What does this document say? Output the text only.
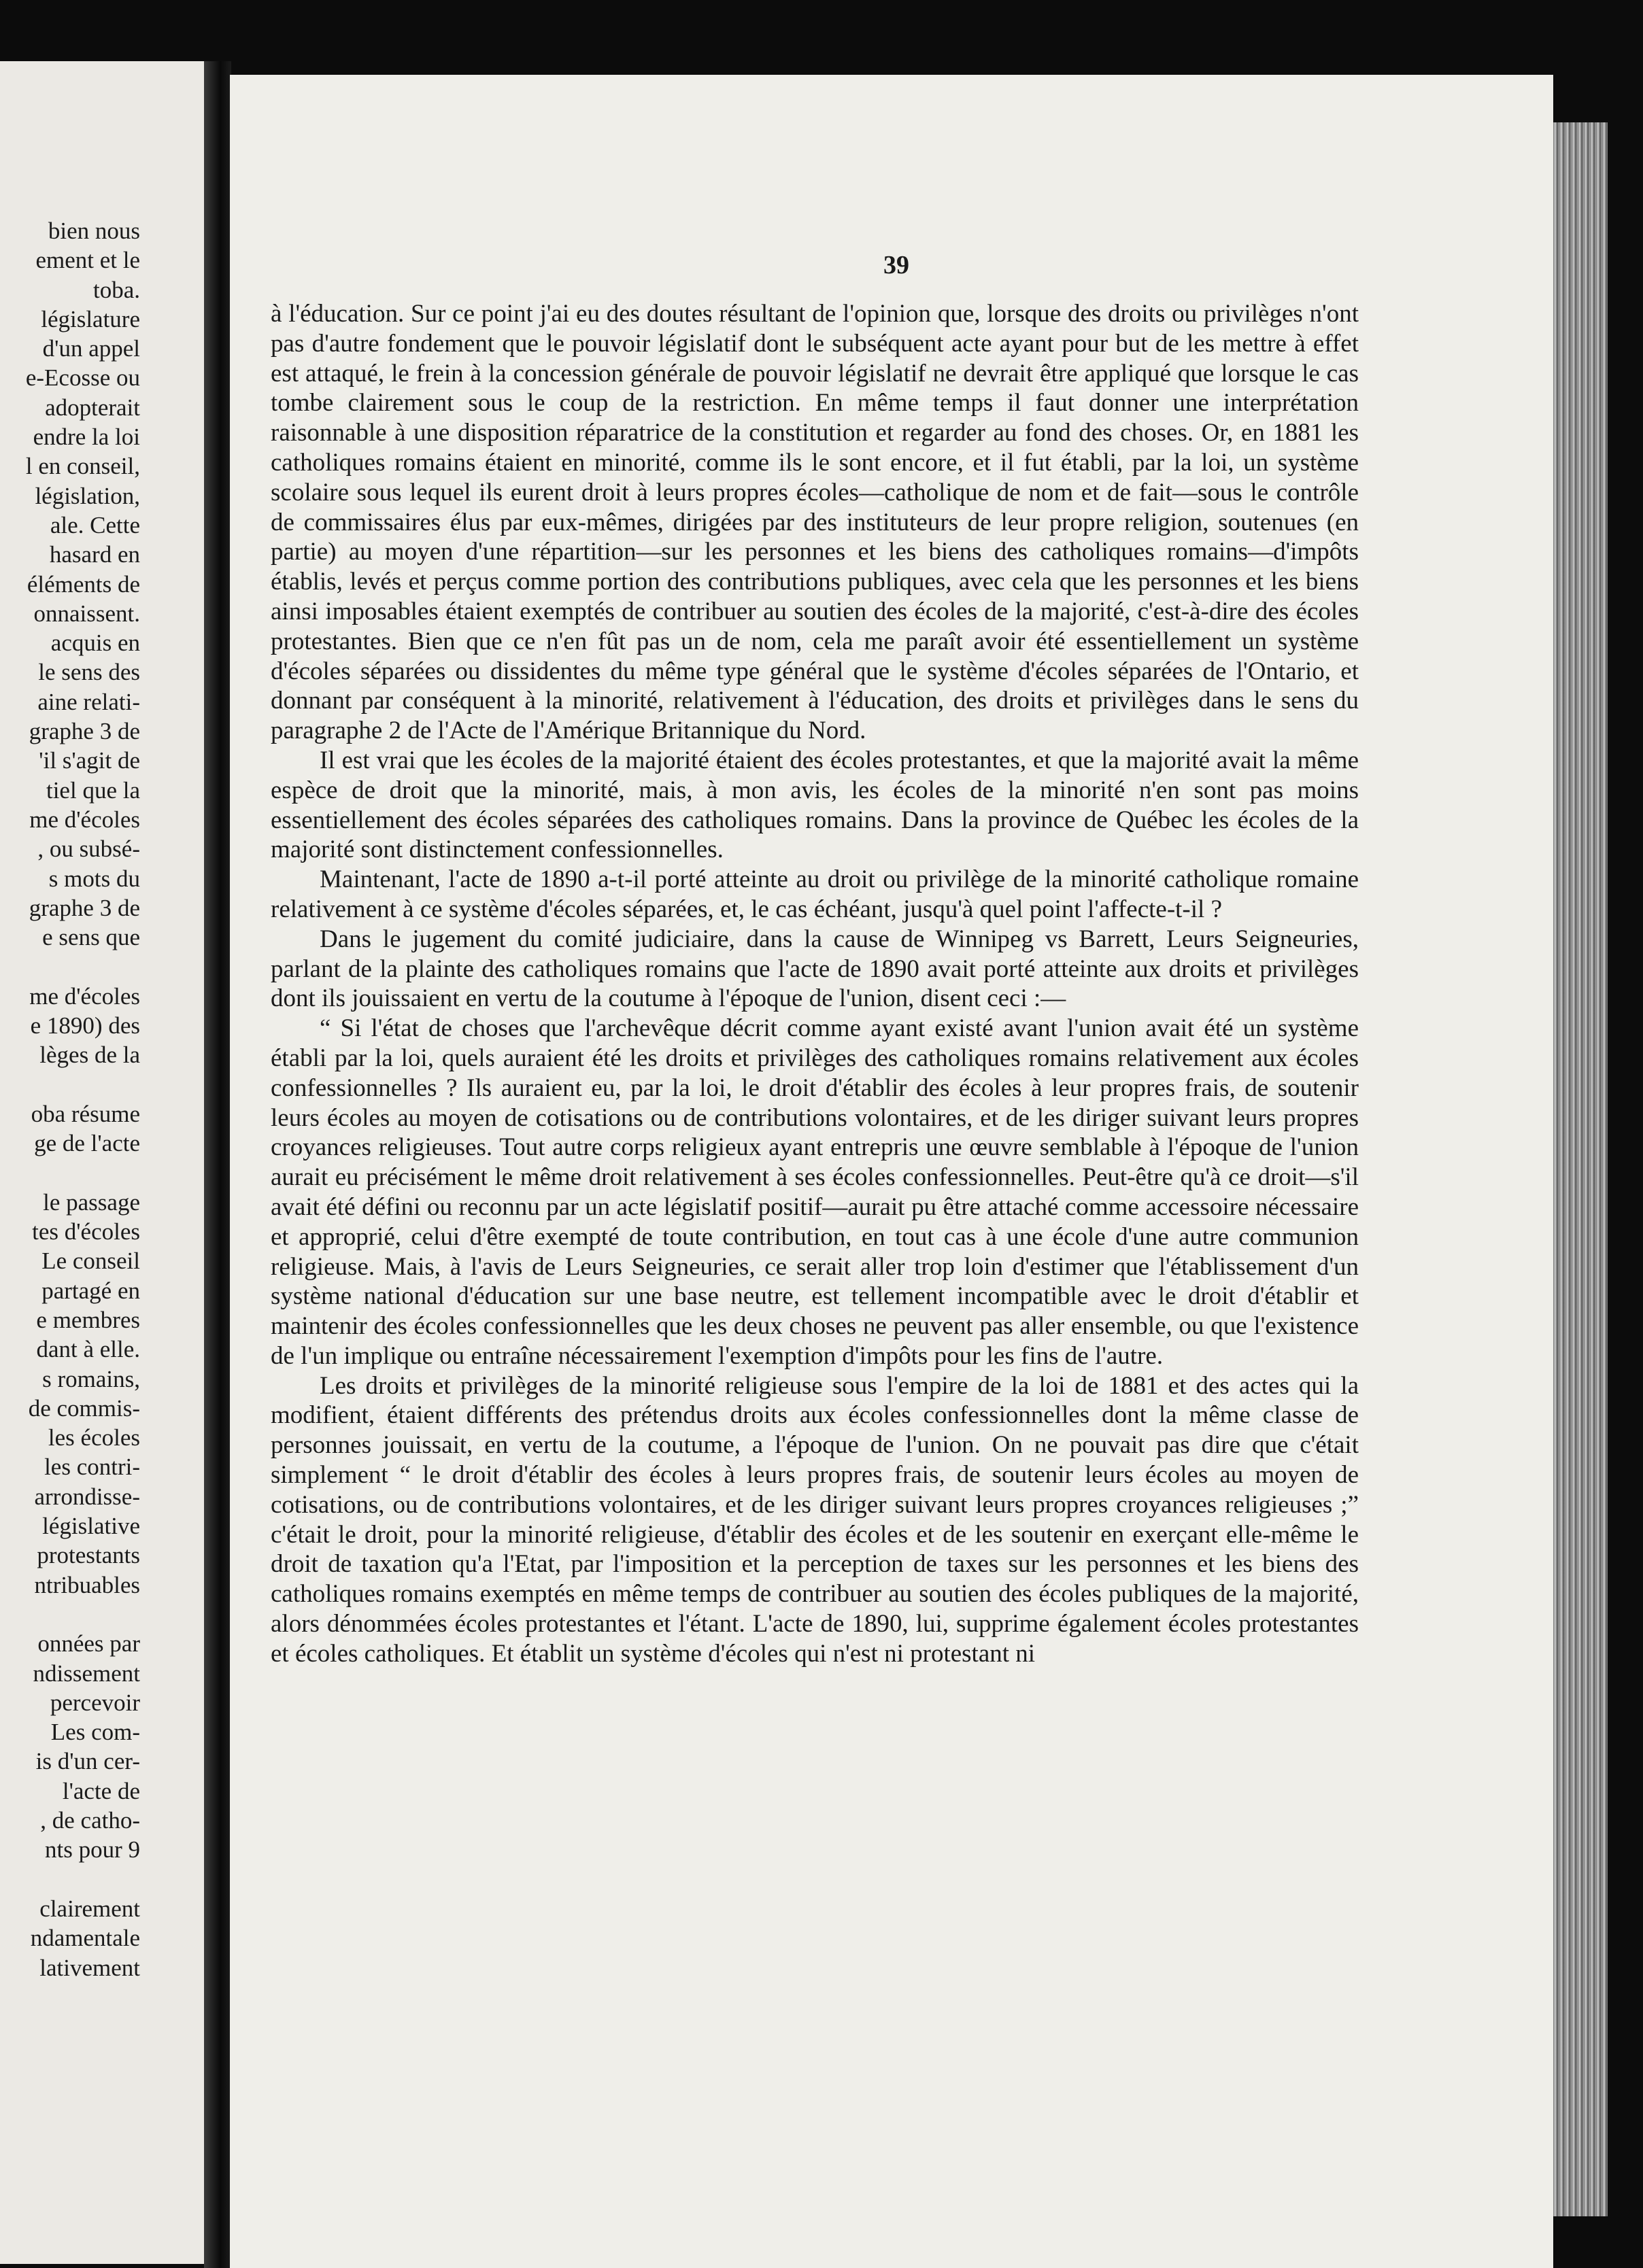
bien nous
ement et le
toba.
législature
d'un appel
e-Ecosse ou
adopterait
endre la loi
l en conseil,
législation,
ale. Cette
hasard en
éléments de
onnaissent.
acquis en
le sens des
aine relati-
graphe 3 de
'il s'agit de
tiel que la
me d'écoles
, ou subsé-
s mots du
graphe 3 de
e sens que

me d'écoles
e 1890) des
lèges de la

oba résume
ge de l'acte

le passage
tes d'écoles
Le conseil
partagé en
e membres
dant à elle.
s romains,
de commis-
les écoles
les contri-
arrondisse-
législative
protestants
ntribuables

onnées par
ndissement
percevoir
Les com-
is d'un cer-
l'acte de
, de catho-
nts pour 9

clairement
ndamentale
lativement
39
à l'éducation. Sur ce point j'ai eu des doutes résultant de l'opinion que, lorsque des droits ou privilèges n'ont pas d'autre fondement que le pouvoir législatif dont le subséquent acte ayant pour but de les mettre à effet est attaqué, le frein à la concession générale de pouvoir législatif ne devrait être appliqué que lorsque le cas tombe clairement sous le coup de la restriction. En même temps il faut donner une interprétation raisonnable à une disposition réparatrice de la constitution et regarder au fond des choses. Or, en 1881 les catholiques romains étaient en minorité, comme ils le sont encore, et il fut établi, par la loi, un système scolaire sous lequel ils eurent droit à leurs propres écoles—catholique de nom et de fait—sous le contrôle de commissaires élus par eux-mêmes, dirigées par des instituteurs de leur propre religion, soutenues (en partie) au moyen d'une répartition—sur les personnes et les biens des catholiques romains—d'impôts établis, levés et perçus comme portion des contributions publiques, avec cela que les personnes et les biens ainsi imposables étaient exemptés de contribuer au soutien des écoles de la majorité, c'est-à-dire des écoles protestantes. Bien que ce n'en fût pas un de nom, cela me paraît avoir été essentiellement un système d'écoles séparées ou dissidentes du même type général que le système d'écoles séparées de l'Ontario, et donnant par conséquent à la minorité, relativement à l'éducation, des droits et privilèges dans le sens du paragraphe 2 de l'Acte de l'Amérique Britannique du Nord.
Il est vrai que les écoles de la majorité étaient des écoles protestantes, et que la majorité avait la même espèce de droit que la minorité, mais, à mon avis, les écoles de la minorité n'en sont pas moins essentiellement des écoles séparées des catholiques romains. Dans la province de Québec les écoles de la majorité sont distinctement confessionnelles.
Maintenant, l'acte de 1890 a-t-il porté atteinte au droit ou privilège de la minorité catholique romaine relativement à ce système d'écoles séparées, et, le cas échéant, jusqu'à quel point l'affecte-t-il ?
Dans le jugement du comité judiciaire, dans la cause de Winnipeg vs Barrett, Leurs Seigneuries, parlant de la plainte des catholiques romains que l'acte de 1890 avait porté atteinte aux droits et privilèges dont ils jouissaient en vertu de la coutume à l'époque de l'union, disent ceci :—
“ Si l'état de choses que l'archevêque décrit comme ayant existé avant l'union avait été un système établi par la loi, quels auraient été les droits et privilèges des catholiques romains relativement aux écoles confessionnelles ? Ils auraient eu, par la loi, le droit d'établir des écoles à leur propres frais, de soutenir leurs écoles au moyen de cotisations ou de contributions volontaires, et de les diriger suivant leurs propres croyances religieuses. Tout autre corps religieux ayant entrepris une œuvre semblable à l'époque de l'union aurait eu précisément le même droit relativement à ses écoles confessionnelles. Peut-être qu'à ce droit—s'il avait été défini ou reconnu par un acte législatif positif—aurait pu être attaché comme accessoire nécessaire et approprié, celui d'être exempté de toute contribution, en tout cas à une école d'une autre communion religieuse. Mais, à l'avis de Leurs Seigneuries, ce serait aller trop loin d'estimer que l'établissement d'un système national d'éducation sur une base neutre, est tellement incompatible avec le droit d'établir et maintenir des écoles confessionnelles que les deux choses ne peuvent pas aller ensemble, ou que l'existence de l'un implique ou entraîne nécessairement l'exemption d'impôts pour les fins de l'autre.
Les droits et privilèges de la minorité religieuse sous l'empire de la loi de 1881 et des actes qui la modifient, étaient différents des prétendus droits aux écoles confessionnelles dont la même classe de personnes jouissait, en vertu de la coutume, a l'époque de l'union. On ne pouvait pas dire que c'était simplement “ le droit d'établir des écoles à leurs propres frais, de soutenir leurs écoles au moyen de cotisations, ou de contributions volontaires, et de les diriger suivant leurs propres croyances religieuses ;” c'était le droit, pour la minorité religieuse, d'établir des écoles et de les soutenir en exerçant elle-même le droit de taxation qu'a l'Etat, par l'imposition et la perception de taxes sur les personnes et les biens des catholiques romains exemptés en même temps de contribuer au soutien des écoles publiques de la majorité, alors dénommées écoles protestantes et l'étant. L'acte de 1890, lui, supprime également écoles protestantes et écoles catholiques. Et établit un système d'écoles qui n'est ni protestant ni
